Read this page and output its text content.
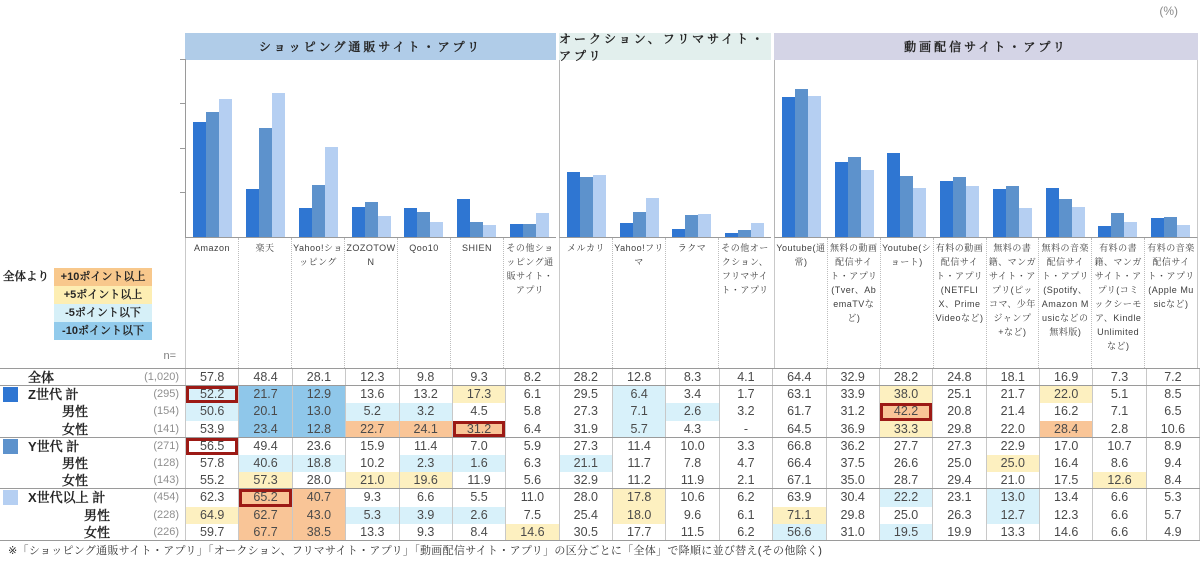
(%)
ショッピング通販サイト・アプリ
Amazon	楽天	Yahoo!ショッピング
ZOZOTOWN
Qoo10	SHIEN	その他ショッピング通販サイト・アプリ
オークション、フリマサイト・アプリ
メルカリ	Yahoo!フリマ
ラクマ	その他オークション、フリマサイト・アプリ
動画配信サイト・アプリ
Youtube(通常)
無料の動画配信サイト・アプリ(Tver、AbemaTVなど)
Youtube(ショート)
有料の動画配信サイト・アプリ(NETFLIX、Prime Videoなど)
無料の書籍、マンガサイト・アプリ(ピッコマ、少年ジャンプ+など)
無料の音楽配信サイト・アプリ(Spotify、Amazon Musicなどの無料版)
有料の書籍、マンガサイト・アプリ(コミックシーモア、Kindle Unlimitedなど)
有料の音楽配信サイト・アプリ(Apple Musicなど)
全体より	+10ポイント以上
+5ポイント以上
-5ポイント以下
-10ポイント以下
n=
全体	(1,020)	57.8	48.4	28.1	12.3	9.8	9.3	8.2	28.2	12.8	8.3	4.1	64.4	32.9	28.2	24.8	18.1	16.9	7.3	7.2
Z世代 計	(295)	52.2	21.7	12.9	13.6	13.2	17.3	6.1	29.5	6.4	3.4	1.7	63.1	33.9	38.0	25.1	21.7	22.0	5.1	8.5
男性	(154)	50.6	20.1	13.0	5.2	3.2	4.5	5.8	27.3	7.1	2.6	3.2	61.7	31.2	42.2	20.8	21.4	16.2	7.1	6.5
女性	(141)	53.9	23.4	12.8	22.7	24.1	31.2	6.4	31.9	5.7	4.3	-	64.5	36.9	33.3	29.8	22.0	28.4	2.8	10.6
Y世代 計	(271)	56.5	49.4	23.6	15.9	11.4	7.0	5.9	27.3	11.4	10.0	3.3	66.8	36.2	27.7	27.3	22.9	17.0	10.7	8.9
男性	(128)	57.8	40.6	18.8	10.2	2.3	1.6	6.3	21.1	11.7	7.8	4.7	66.4	37.5	26.6	25.0	25.0	16.4	8.6	9.4
女性	(143)	55.2	57.3	28.0	21.0	19.6	11.9	5.6	32.9	11.2	11.9	2.1	67.1	35.0	28.7	29.4	21.0	17.5	12.6	8.4
X世代以上 計	(454)	62.3	65.2	40.7	9.3	6.6	5.5	11.0	28.0	17.8	10.6	6.2	63.9	30.4	22.2	23.1	13.0	13.4	6.6	5.3
男性	(228)	64.9	62.7	43.0	5.3	3.9	2.6	7.5	25.4	18.0	9.6	6.1	71.1	29.8	25.0	26.3	12.7	12.3	6.6	5.7
女性	(226)	59.7	67.7	38.5	13.3	9.3	8.4	14.6	30.5	17.7	11.5	6.2	56.6	31.0	19.5	19.9	13.3	14.6	6.6	4.9
※「ショッピング通販サイト・アプリ」「オークション、フリマサイト・アプリ」「動画配信サイト・アプリ」の区分ごとに「全体」で降順に並び替え(その他除く)
